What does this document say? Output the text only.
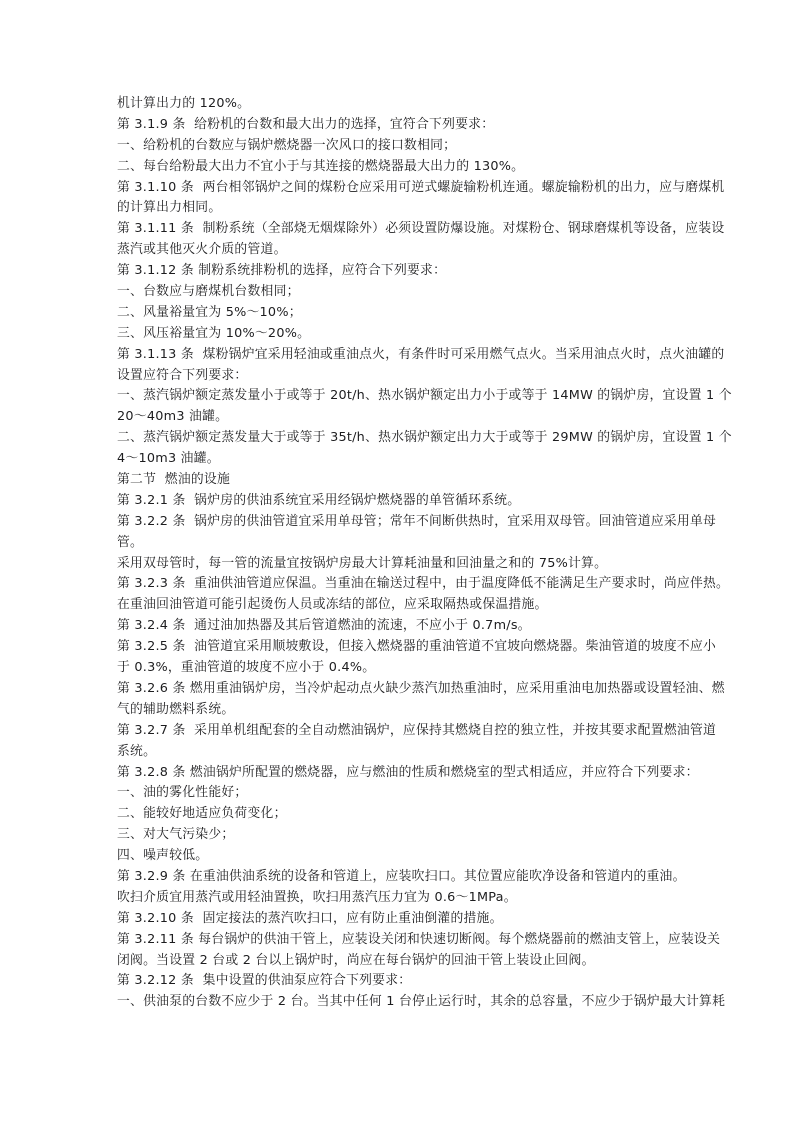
机计算出力的 120%。
第 3.1.9 条  给粉机的台数和最大出力的选择，宜符合下列要求：
一、给粉机的台数应与锅炉燃烧器一次风口的接口数相同；
二、每台给粉最大出力不宜小于与其连接的燃烧器最大出力的 130%。
第 3.1.10 条  两台相邻锅炉之间的煤粉仓应采用可逆式螺旋输粉机连通。螺旋输粉机的出力，应与磨煤机
的计算出力相同。
第 3.1.11 条  制粉系统（全部烧无烟煤除外）必须设置防爆设施。对煤粉仓、钢球磨煤机等设备，应装设
蒸汽或其他灭火介质的管道。
第 3.1.12 条 制粉系统排粉机的选择，应符合下列要求：
一、台数应与磨煤机台数相同；
二、风量裕量宜为 5%～10%；
三、风压裕量宜为 10%～20%。
第 3.1.13 条  煤粉锅炉宜采用轻油或重油点火，有条件时可采用燃气点火。当采用油点火时，点火油罐的
设置应符合下列要求：
一、蒸汽锅炉额定蒸发量小于或等于 20t/h、热水锅炉额定出力小于或等于 14MW 的锅炉房，宜设置 1 个
20～40m3 油罐。
二、蒸汽锅炉额定蒸发量大于或等于 35t/h、热水锅炉额定出力大于或等于 29MW 的锅炉房，宜设置 1 个
4～10m3 油罐。
第二节  燃油的设施
第 3.2.1 条  锅炉房的供油系统宜采用经锅炉燃烧器的单管循环系统。
第 3.2.2 条  锅炉房的供油管道宜采用单母管；常年不间断供热时，宜采用双母管。回油管道应采用单母
管。
采用双母管时，每一管的流量宜按锅炉房最大计算耗油量和回油量之和的 75%计算。
第 3.2.3 条  重油供油管道应保温。当重油在输送过程中，由于温度降低不能满足生产要求时，尚应伴热。
在重油回油管道可能引起烫伤人员或冻结的部位，应采取隔热或保温措施。
第 3.2.4 条  通过油加热器及其后管道燃油的流速，不应小于 0.7m/s。
第 3.2.5 条  油管道宜采用顺坡敷设，但接入燃烧器的重油管道不宜坡向燃烧器。柴油管道的坡度不应小
于 0.3%，重油管道的坡度不应小于 0.4%。
第 3.2.6 条 燃用重油锅炉房，当冷炉起动点火缺少蒸汽加热重油时，应采用重油电加热器或设置轻油、燃
气的辅助燃料系统。
第 3.2.7 条  采用单机组配套的全自动燃油锅炉，应保持其燃烧自控的独立性，并按其要求配置燃油管道
系统。
第 3.2.8 条 燃油锅炉所配置的燃烧器，应与燃油的性质和燃烧室的型式相适应，并应符合下列要求：
一、油的雾化性能好；
二、能较好地适应负荷变化；
三、对大气污染少；
四、噪声较低。
第 3.2.9 条 在重油供油系统的设备和管道上，应装吹扫口。其位置应能吹净设备和管道内的重油。
吹扫介质宜用蒸汽或用轻油置换，吹扫用蒸汽压力宜为 0.6～1MPa。
第 3.2.10 条  固定接法的蒸汽吹扫口，应有防止重油倒灌的措施。
第 3.2.11 条 每台锅炉的供油干管上，应装设关闭和快速切断阀。每个燃烧器前的燃油支管上，应装设关
闭阀。当设置 2 台或 2 台以上锅炉时，尚应在每台锅炉的回油干管上装设止回阀。
第 3.2.12 条  集中设置的供油泵应符合下列要求：
一、供油泵的台数不应少于 2 台。当其中任何 1 台停止运行时，其余的总容量，不应少于锅炉最大计算耗
